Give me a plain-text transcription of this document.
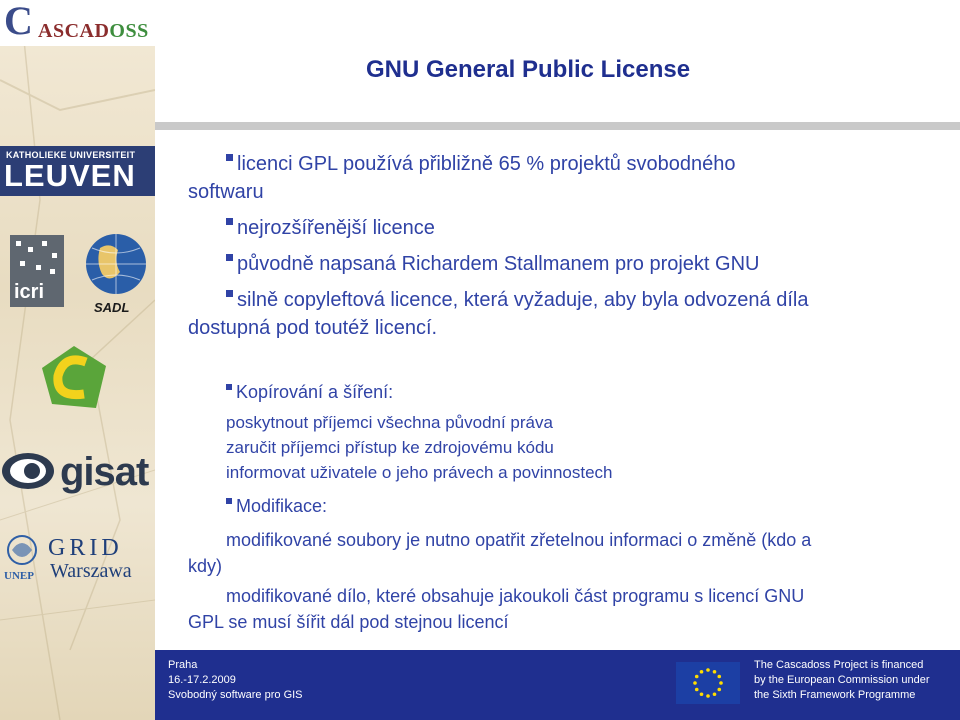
C ASCADOSS
KATHOLIEKE UNIVERSITEIT
LEUVEN
icri
SADL
gisat
UNEP
GRID
Warszawa
GNU General Public License
licenci GPL používá přibližně 65 % projektů svobodného
softwaru
nejrozšířenější licence
původně napsaná Richardem Stallmanem pro projekt GNU
silně copyleftová licence, která vyžaduje, aby byla odvozená díla
dostupná pod toutéž licencí.
Kopírování a šíření:
poskytnout příjemci všechna původní práva
zaručit příjemci přístup ke zdrojovému kódu
informovat uživatele o jeho právech a povinnostech
Modifikace:
modifikované soubory je nutno opatřit zřetelnou informaci o změně (kdo a
kdy)
modifikované dílo, které obsahuje jakoukoli část programu s licencí GNU
GPL se musí šířit dál pod stejnou licencí
Praha
16.-17.2.2009
Svobodný software pro GIS
The Cascadoss Project is financed
by the European Commission under
the Sixth Framework Programme
